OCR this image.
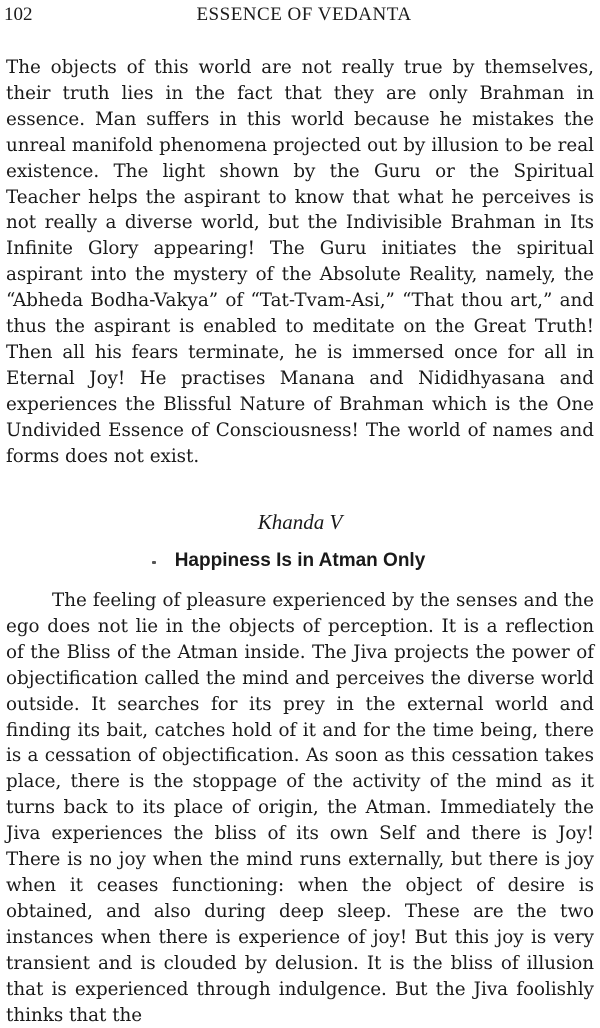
102	ESSENCE OF VEDANTA

The objects of this world are not really true by themselves, their truth lies in the fact that they are only Brahman in essence. Man suffers in this world because he mistakes the unreal manifold phenomena projected out by illusion to be real existence. The light shown by the Guru or the Spiritual Teacher helps the aspirant to know that what he perceives is not really a diverse world, but the Indivisible Brahman in Its Infinite Glory appearing! The Guru initiates the spiritual aspirant into the mystery of the Absolute Reality, namely, the “Abheda Bodha-Vakya” of “Tat-Tvam-Asi,” “That thou art,” and thus the aspirant is enabled to meditate on the Great Truth! Then all his fears terminate, he is immersed once for all in Eternal Joy! He practises Manana and Nididhyasana and experiences the Blissful Nature of Brahman which is the One Undivided Essence of Consciousness! The world of names and forms does not exist.

Khanda V
Happiness Is in Atman Only

The feeling of pleasure experienced by the senses and the ego does not lie in the objects of perception. It is a reflection of the Bliss of the Atman inside. The Jiva projects the power of objectification called the mind and perceives the diverse world outside. It searches for its prey in the external world and finding its bait, catches hold of it and for the time being, there is a cessation of objectification. As soon as this cessation takes place, there is the stoppage of the activity of the mind as it turns back to its place of origin, the Atman. Immediately the Jiva experiences the bliss of its own Self and there is Joy! There is no joy when the mind runs externally, but there is joy when it ceases functioning: when the object of desire is obtained, and also during deep sleep. These are the two instances when there is experience of joy! But this joy is very transient and is clouded by delusion. It is the bliss of illusion that is experienced through indulgence. But the Jiva foolishly thinks that the
